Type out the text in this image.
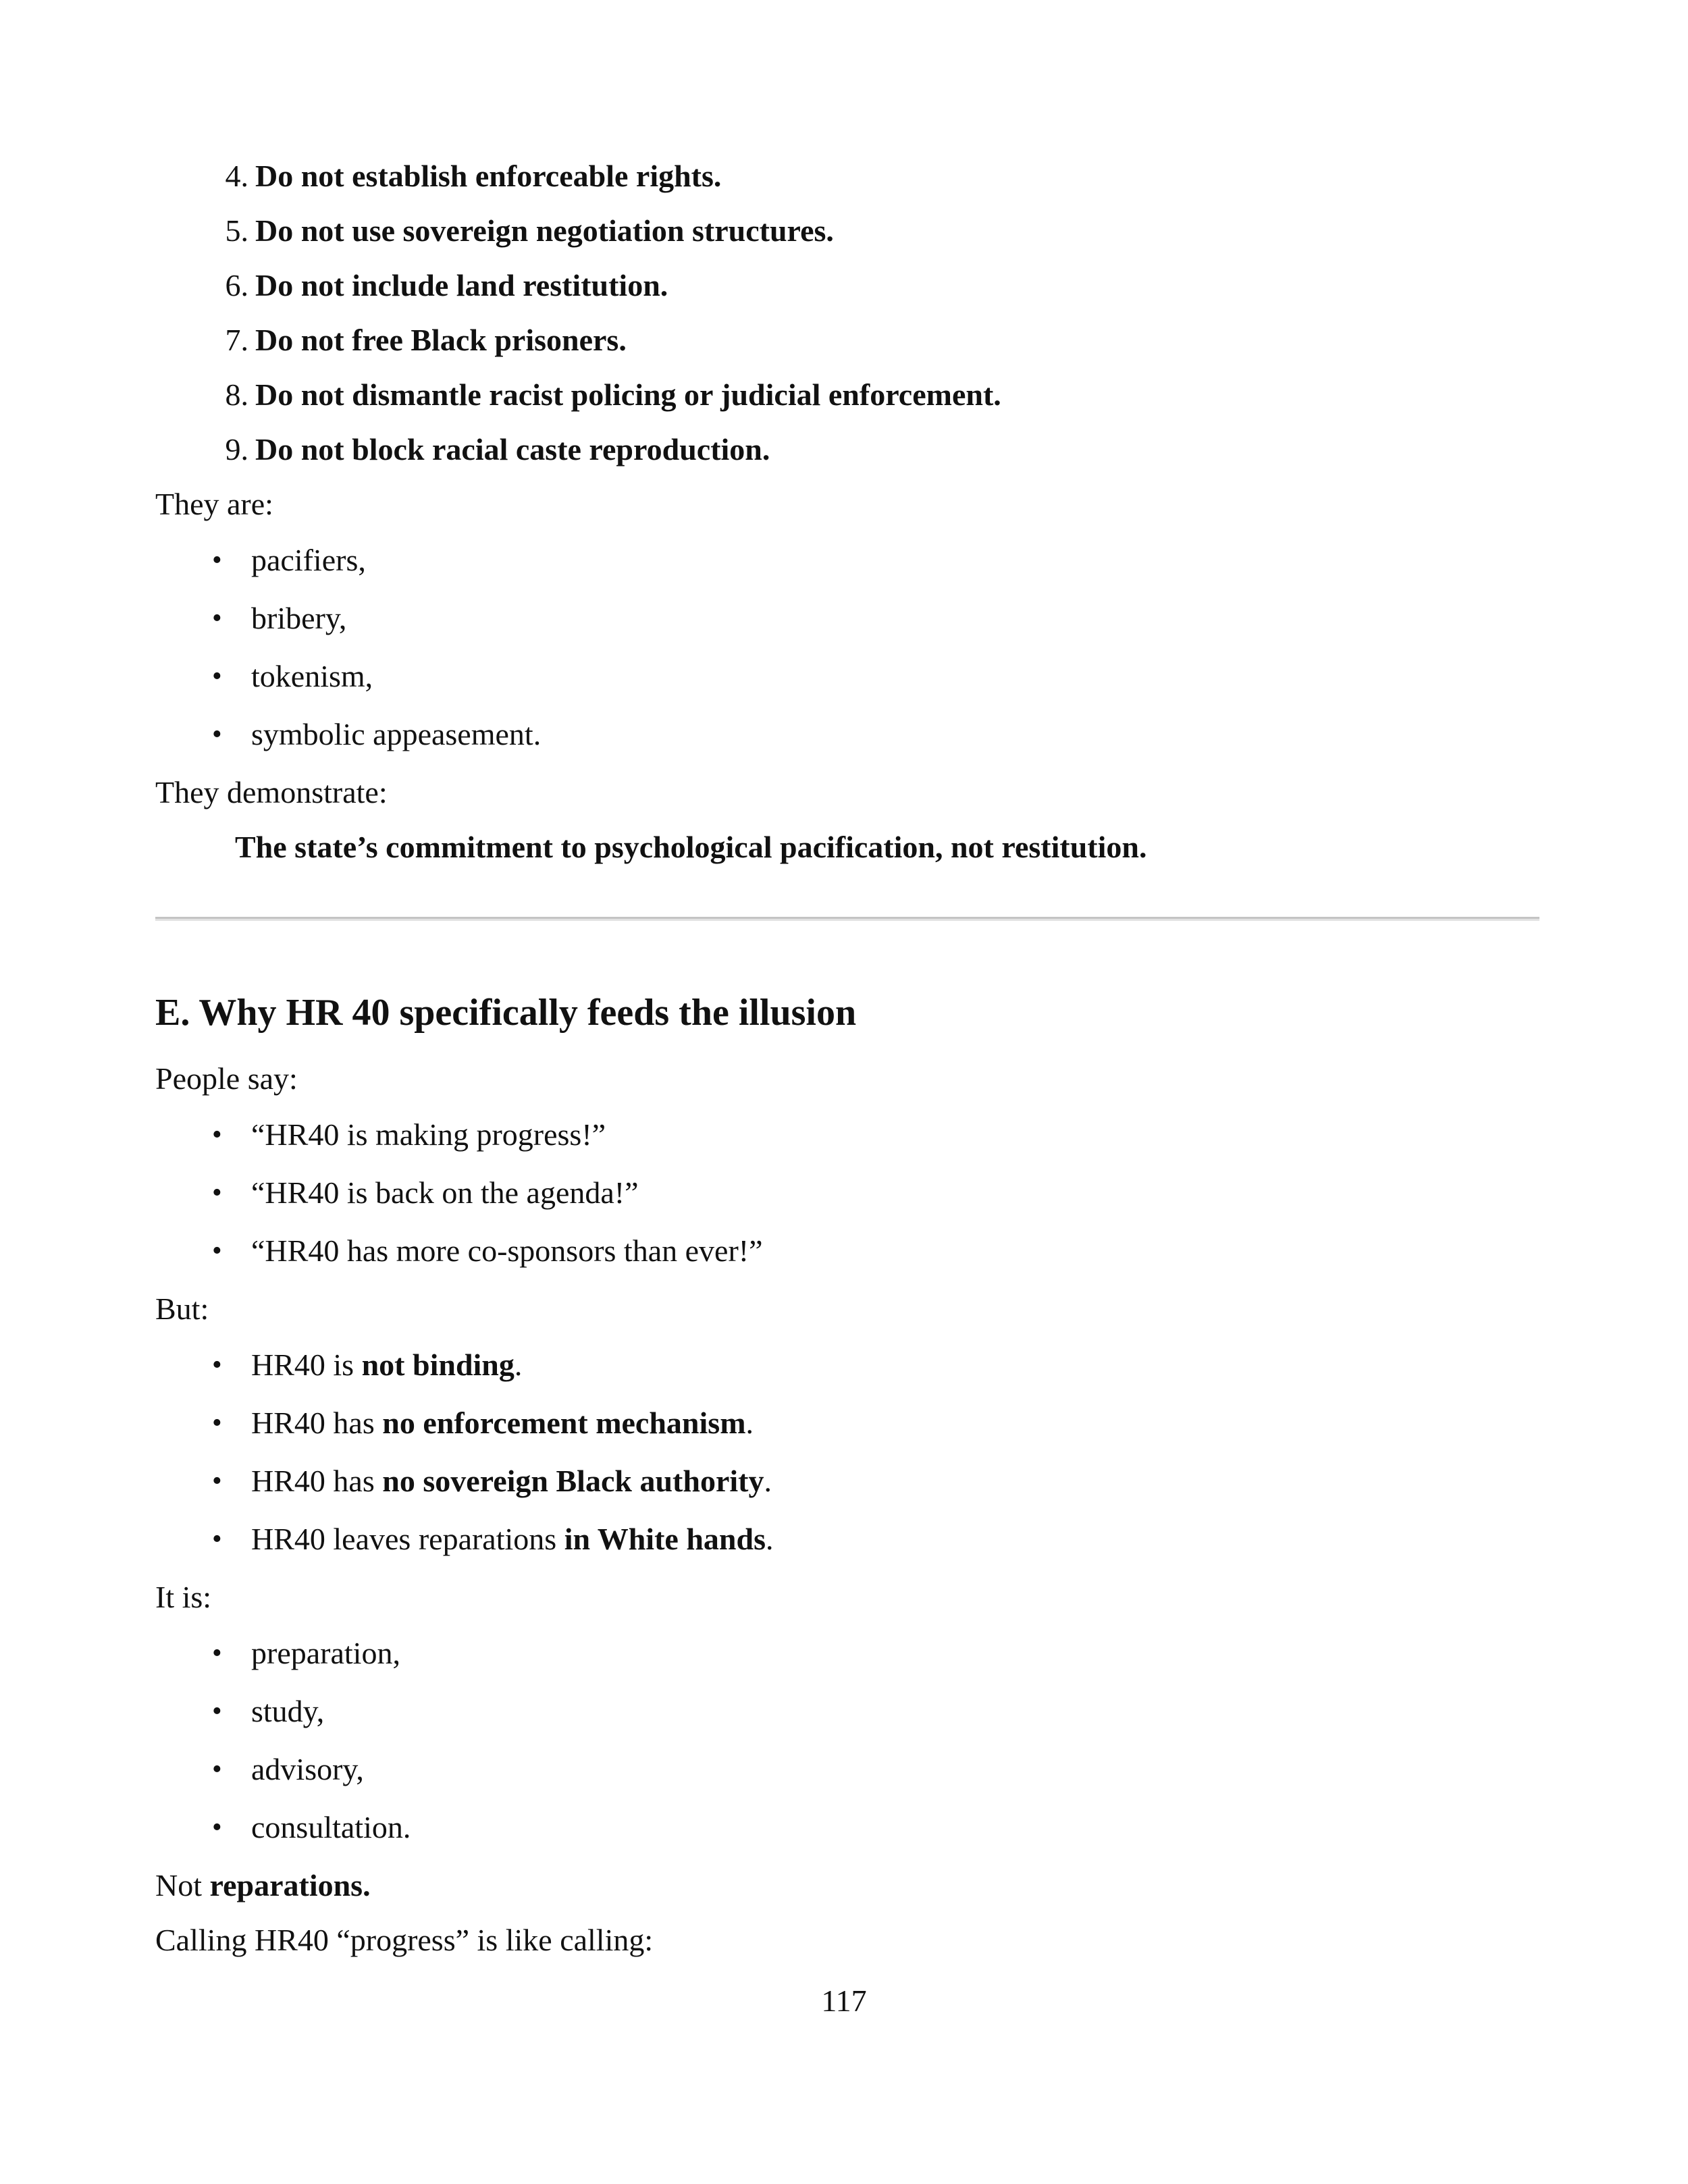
4. Do not establish enforceable rights.
5. Do not use sovereign negotiation structures.
6. Do not include land restitution.
7. Do not free Black prisoners.
8. Do not dismantle racist policing or judicial enforcement.
9. Do not block racial caste reproduction.
They are:
• pacifiers,
• bribery,
• tokenism,
• symbolic appeasement.
They demonstrate:
The state’s commitment to psychological pacification, not restitution.
E. Why HR 40 specifically feeds the illusion
People say:
• “HR40 is making progress!”
• “HR40 is back on the agenda!”
• “HR40 has more co-sponsors than ever!”
But:
• HR40 is not binding.
• HR40 has no enforcement mechanism.
• HR40 has no sovereign Black authority.
• HR40 leaves reparations in White hands.
It is:
• preparation,
• study,
• advisory,
• consultation.
Not reparations.
Calling HR40 “progress” is like calling:
117
